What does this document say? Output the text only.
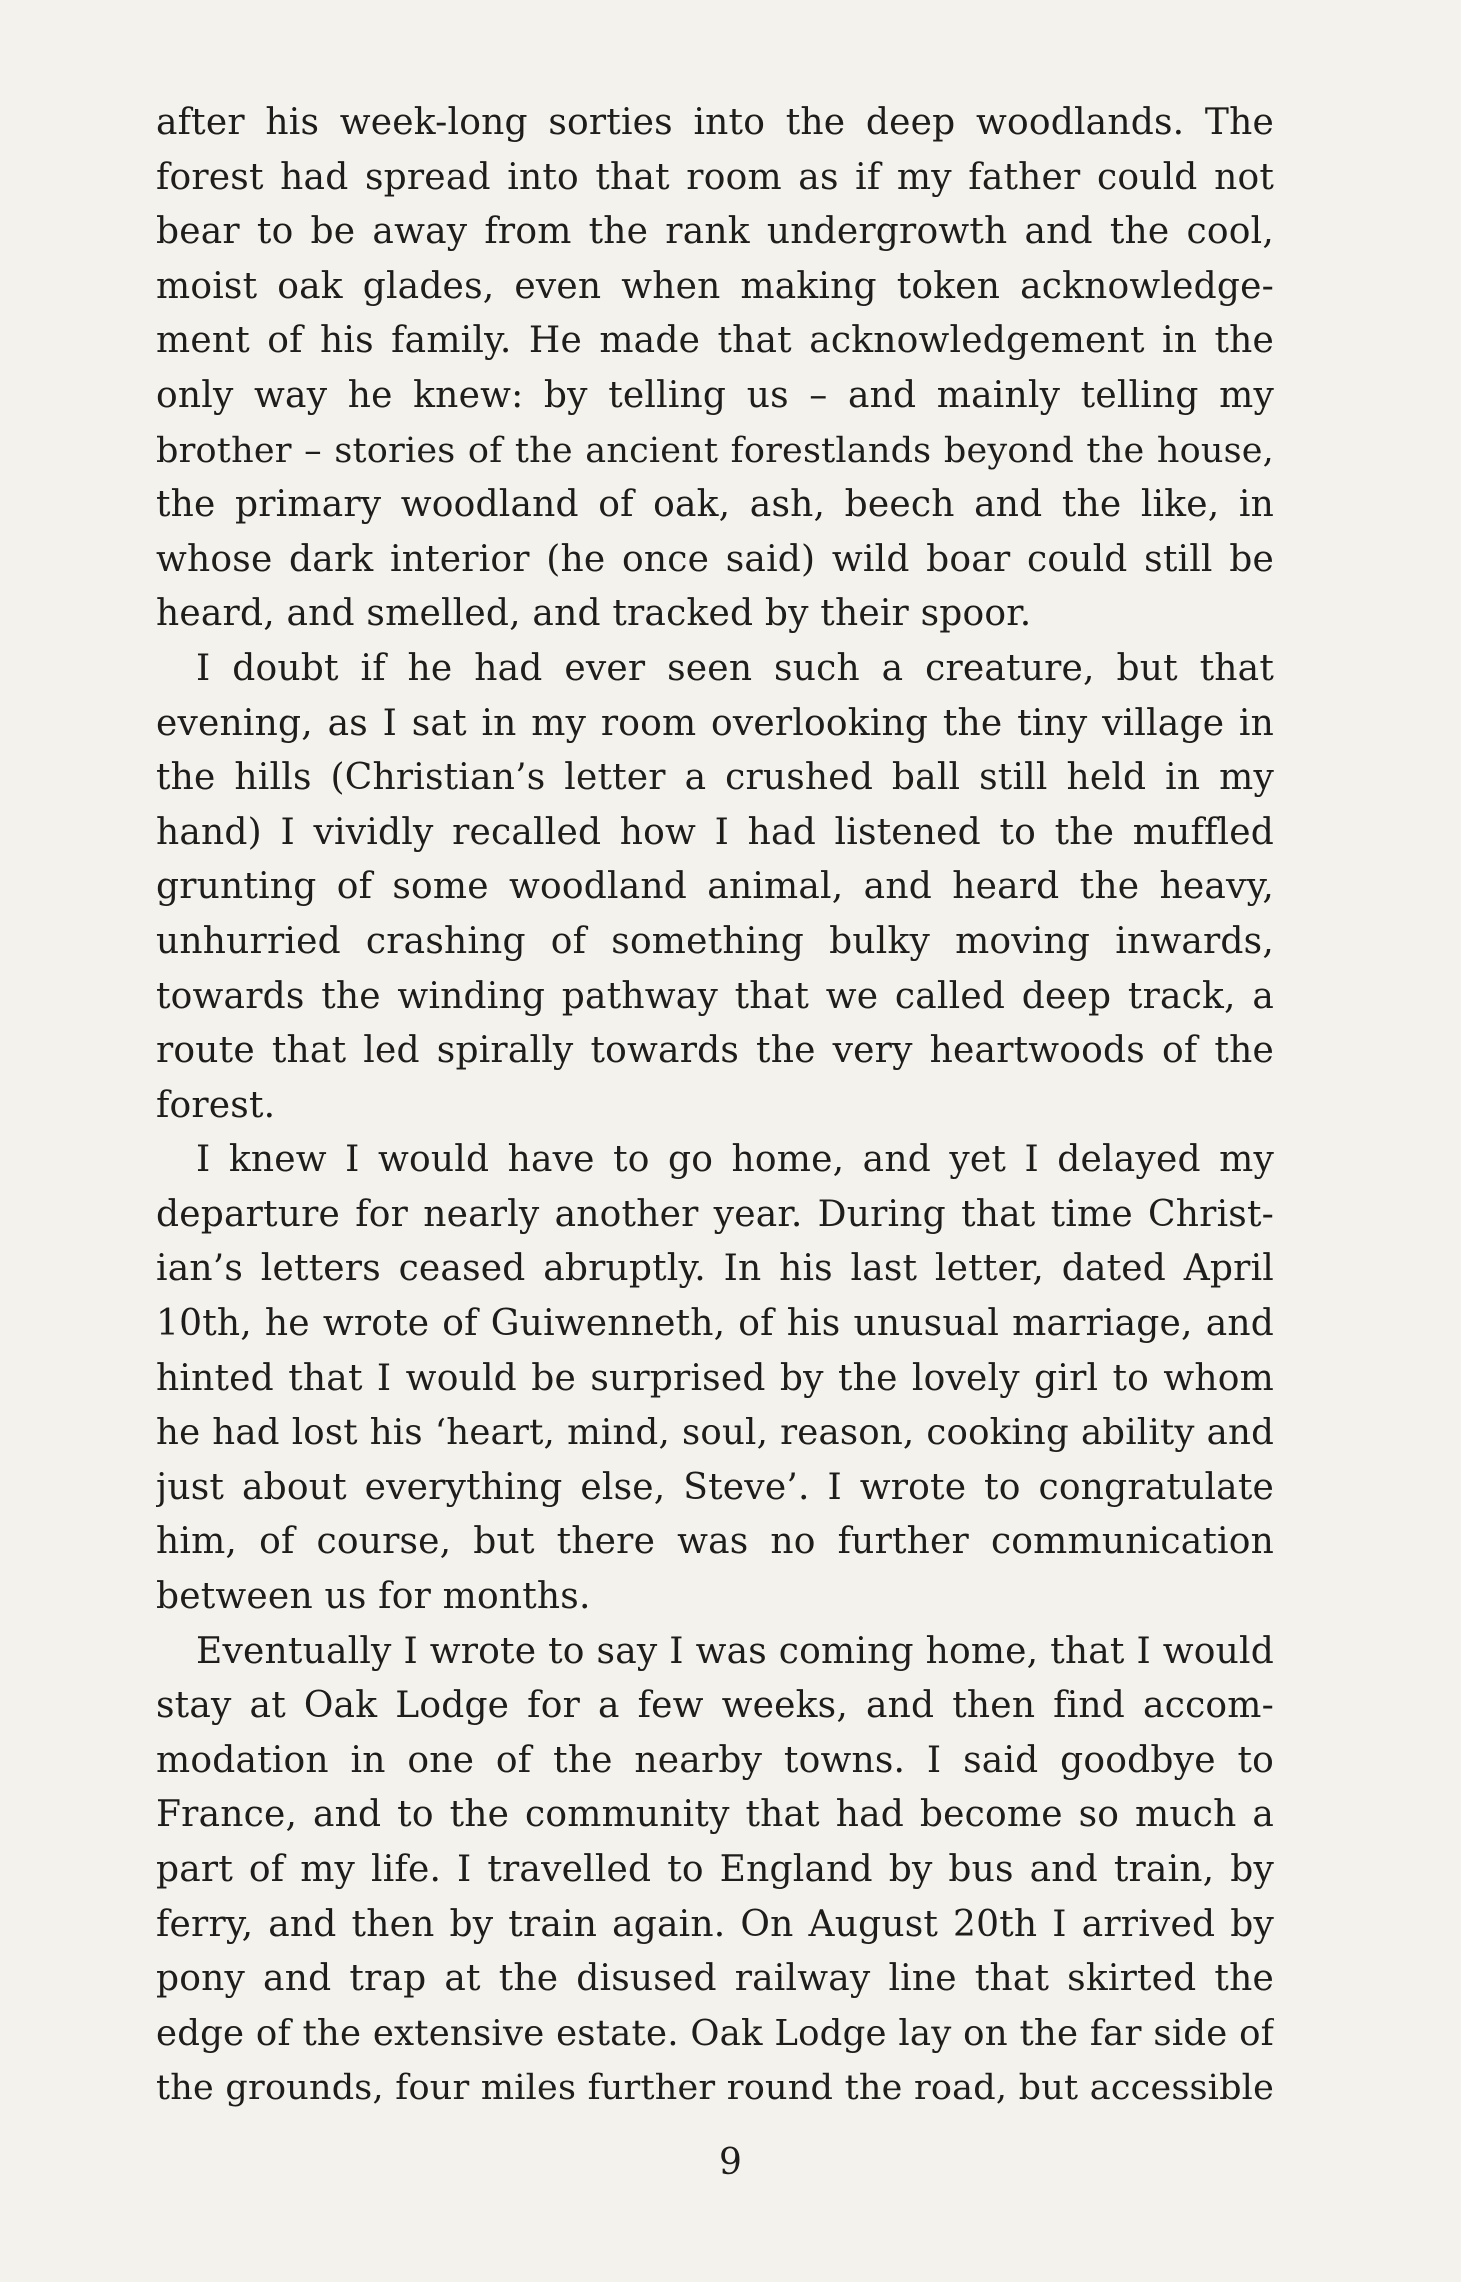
after his week-long sorties into the deep woodlands. The
forest had spread into that room as if my father could not
bear to be away from the rank undergrowth and the cool,
moist oak glades, even when making token acknowledge-
ment of his family. He made that acknowledgement in the
only way he knew: by telling us – and mainly telling my
brother – stories of the ancient forestlands beyond the house,
the primary woodland of oak, ash, beech and the like, in
whose dark interior (he once said) wild boar could still be
heard, and smelled, and tracked by their spoor.
I doubt if he had ever seen such a creature, but that
evening, as I sat in my room overlooking the tiny village in
the hills (Christian’s letter a crushed ball still held in my
hand) I vividly recalled how I had listened to the muffled
grunting of some woodland animal, and heard the heavy,
unhurried crashing of something bulky moving inwards,
towards the winding pathway that we called deep track, a
route that led spirally towards the very heartwoods of the
forest.
I knew I would have to go home, and yet I delayed my
departure for nearly another year. During that time Christ-
ian’s letters ceased abruptly. In his last letter, dated April
10th, he wrote of Guiwenneth, of his unusual marriage, and
hinted that I would be surprised by the lovely girl to whom
he had lost his ‘heart, mind, soul, reason, cooking ability and
just about everything else, Steve’. I wrote to congratulate
him, of course, but there was no further communication
between us for months.
Eventually I wrote to say I was coming home, that I would
stay at Oak Lodge for a few weeks, and then find accom-
modation in one of the nearby towns. I said goodbye to
France, and to the community that had become so much a
part of my life. I travelled to England by bus and train, by
ferry, and then by train again. On August 20th I arrived by
pony and trap at the disused railway line that skirted the
edge of the extensive estate. Oak Lodge lay on the far side of
the grounds, four miles further round the road, but accessible
9
